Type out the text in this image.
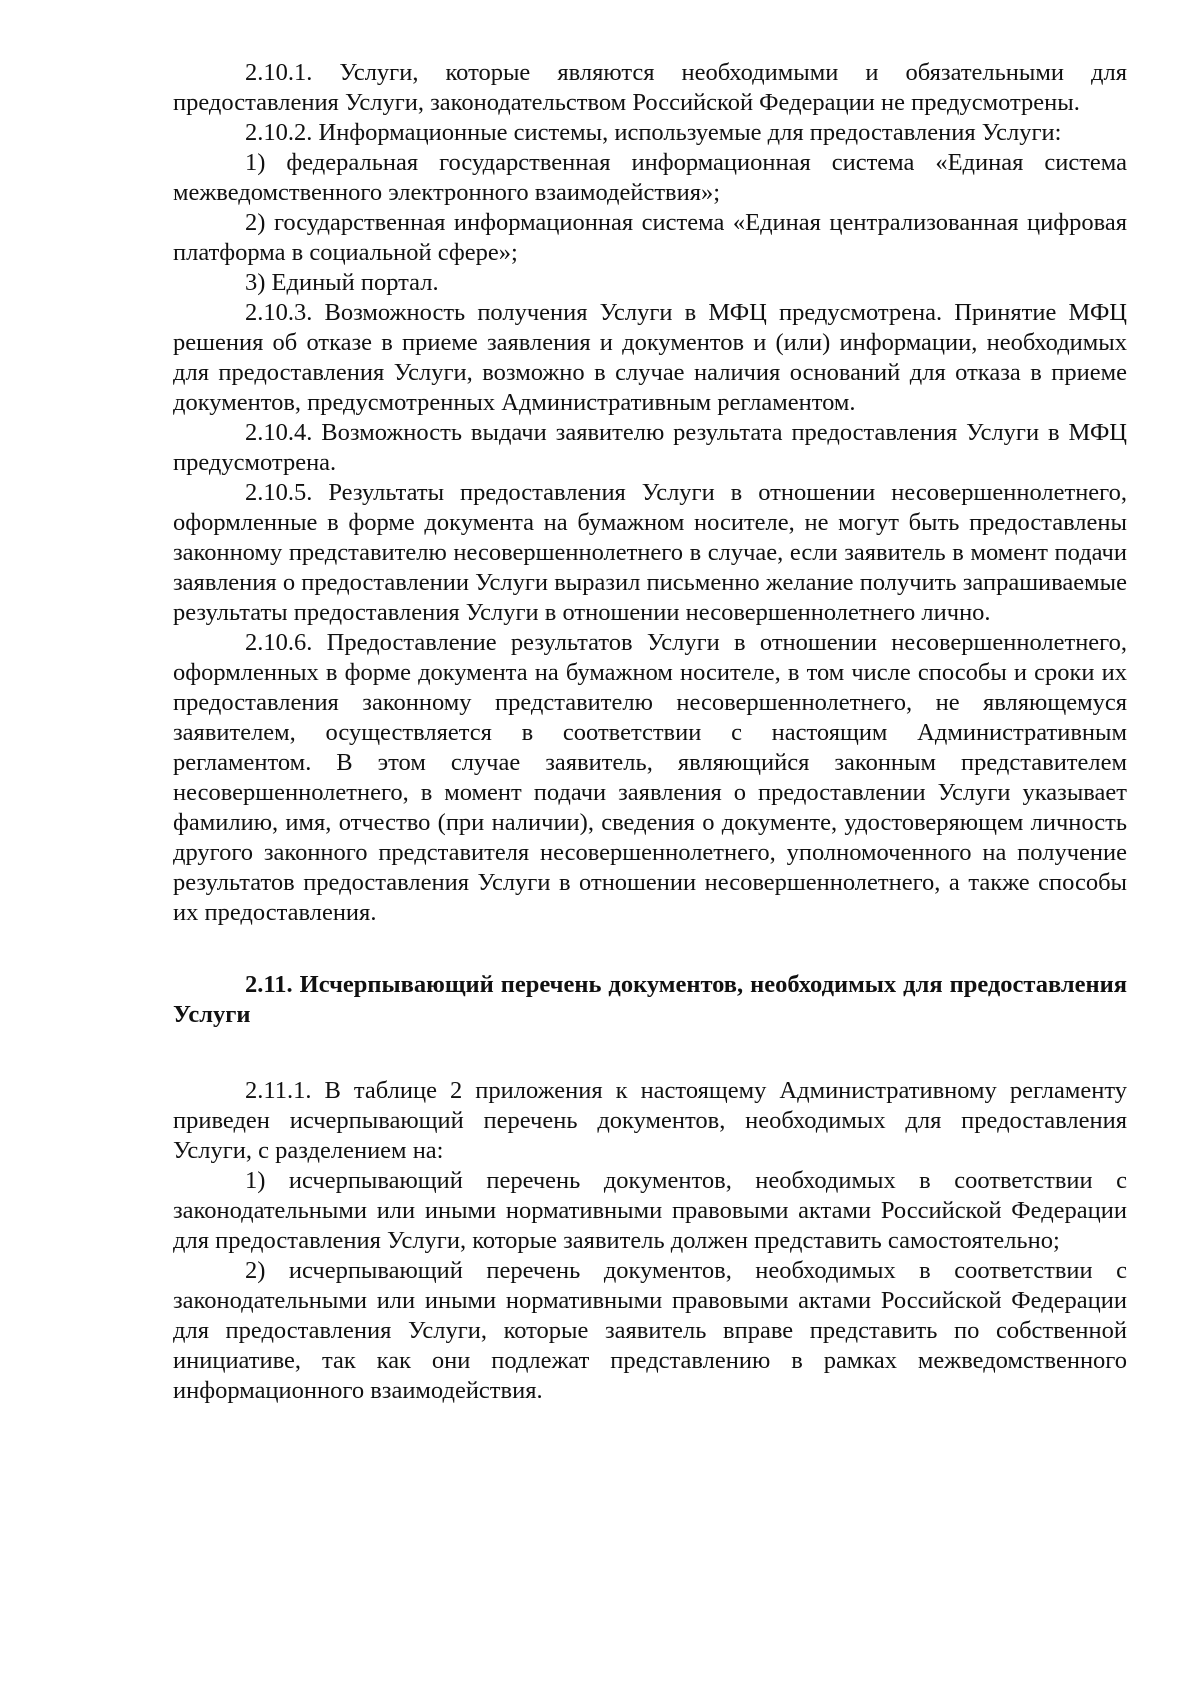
2.10.1. Услуги, которые являются необходимыми и обязательными для предоставления Услуги, законодательством Российской Федерации не предусмотрены.

2.10.2. Информационные системы, используемые для предоставления Услуги:

1) федеральная государственная информационная система «Единая система межведомственного электронного взаимодействия»;

2) государственная информационная система «Единая централизованная цифровая платформа в социальной сфере»;

3) Единый портал.

2.10.3. Возможность получения Услуги в МФЦ предусмотрена. Принятие МФЦ решения об отказе в приеме заявления и документов и (или) информации, необходимых для предоставления Услуги, возможно в случае наличия оснований для отказа в приеме документов, предусмотренных Административным регламентом.

2.10.4. Возможность выдачи заявителю результата предоставления Услуги в МФЦ предусмотрена.

2.10.5. Результаты предоставления Услуги в отношении несовершеннолетнего, оформленные в форме документа на бумажном носителе, не могут быть предоставлены законному представителю несовершеннолетнего в случае, если заявитель в момент подачи заявления о предоставлении Услуги выразил письменно желание получить запрашиваемые результаты предоставления Услуги в отношении несовершеннолетнего лично.

2.10.6. Предоставление результатов Услуги в отношении несовершеннолетнего, оформленных в форме документа на бумажном носителе, в том числе способы и сроки их предоставления законному представителю несовершеннолетнего, не являющемуся заявителем, осуществляется в соответствии с настоящим Административным регламентом. В этом случае заявитель, являющийся законным представителем несовершеннолетнего, в момент подачи заявления о предоставлении Услуги указывает фамилию, имя, отчество (при наличии), сведения о документе, удостоверяющем личность другого законного представителя несовершеннолетнего, уполномоченного на получение результатов предоставления Услуги в отношении несовершеннолетнего, а также способы их предоставления.

2.11. Исчерпывающий перечень документов, необходимых для предоставления Услуги

2.11.1. В таблице 2 приложения к настоящему Административному регламенту приведен исчерпывающий перечень документов, необходимых для предоставления Услуги, с разделением на:

1) исчерпывающий перечень документов, необходимых в соответствии с законодательными или иными нормативными правовыми актами Российской Федерации для предоставления Услуги, которые заявитель должен представить самостоятельно;

2) исчерпывающий перечень документов, необходимых в соответствии с законодательными или иными нормативными правовыми актами Российской Федерации для предоставления Услуги, которые заявитель вправе представить по собственной инициативе, так как они подлежат представлению в рамках межведомственного информационного взаимодействия.
